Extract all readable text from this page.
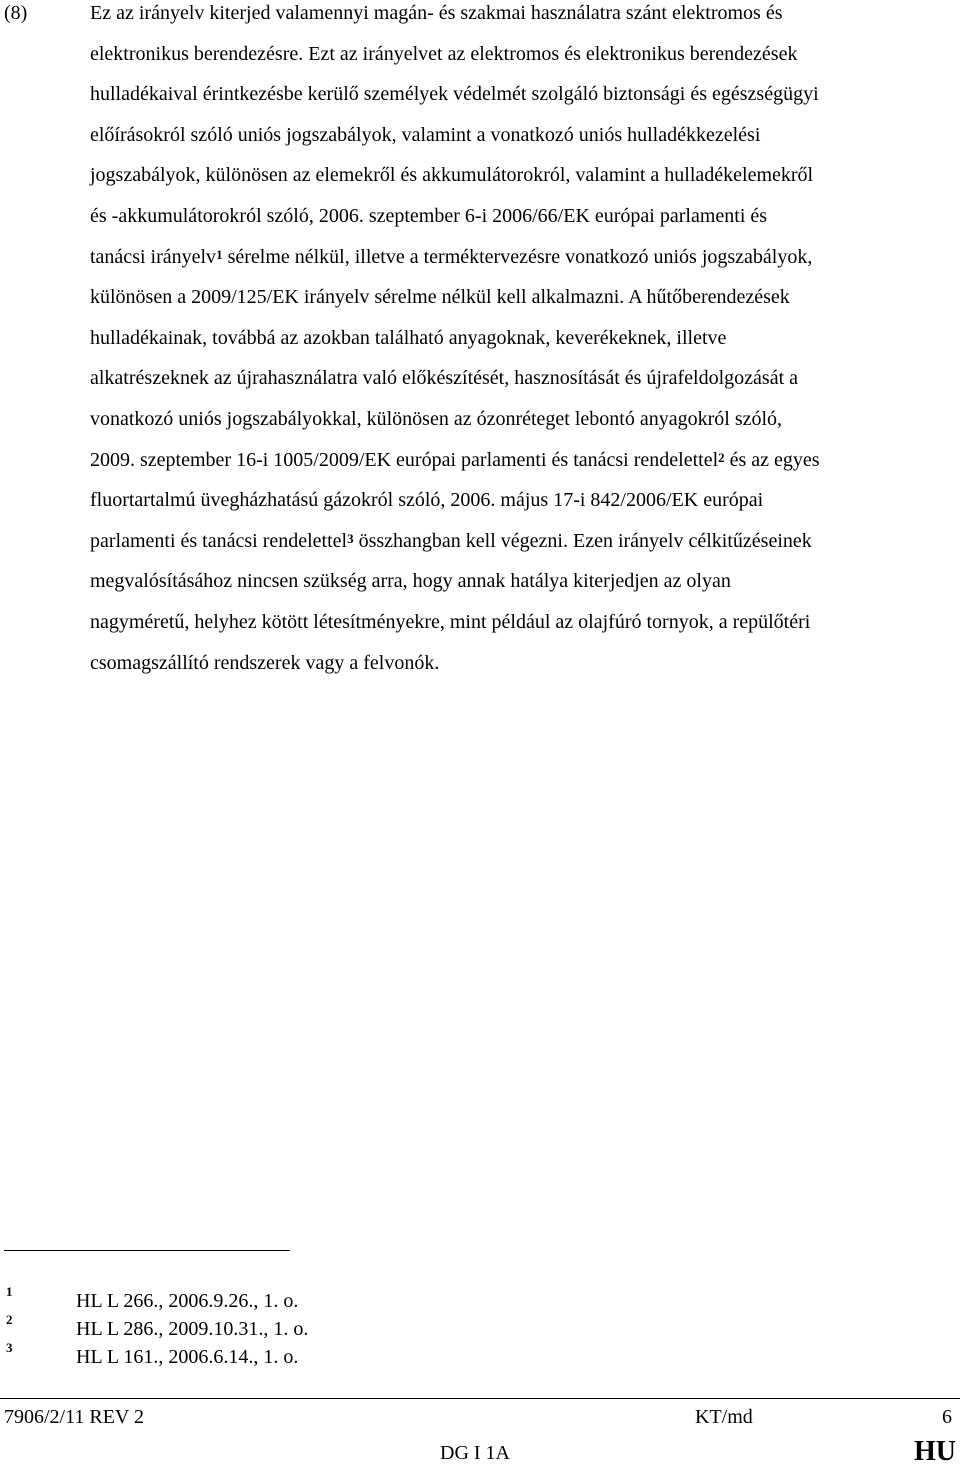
(8)	Ez az irányelv kiterjed valamennyi magán- és szakmai használatra szánt elektromos és
elektronikus berendezésre. Ezt az irányelvet az elektromos és elektronikus berendezések
hulladékaival érintkezésbe kerülő személyek védelmét szolgáló biztonsági és egészségügyi
előírásokról szóló uniós jogszabályok, valamint a vonatkozó uniós hulladékkezelési
jogszabályok, különösen az elemekről és akkumulátorokról, valamint a hulladékelemekről
és -akkumulátorokról szóló, 2006. szeptember 6-i 2006/66/EK európai parlamenti és
tanácsi irányelv$^1$ sérelme nélkül, illetve a terméktervezésre vonatkozó uniós jogszabályok,
különösen a 2009/125/EK irányelv sérelme nélkül kell alkalmazni. A hűtőberendezések
hulladékainak, továbbá az azokban található anyagoknak, keverékeknek, illetve
alkatrészeknek az újrahasználatra való előkészítését, hasznosítását és újrafeldolgozását a
vonatkozó uniós jogszabályokkal, különösen az ózonréteget lebontó anyagokról szóló,
2009. szeptember 16-i 1005/2009/EK európai parlamenti és tanácsi rendelettel$^2$ és az egyes
fluortartalmú üvegházhatású gázokról szóló, 2006. május 17-i 842/2006/EK európai
parlamenti és tanácsi rendelettel$^3$ összhangban kell végezni. Ezen irányelv célkitűzéseinek
megvalósításához nincsen szükség arra, hogy annak hatálya kiterjedjen az olyan
nagyméretű, helyhez kötött létesítményekre, mint például az olajfúró tornyok, a repülőtéri
csomagszállító rendszerek vagy a felvonók.
1	HL L 266., 2006.9.26., 1. o.
2	HL L 286., 2009.10.31., 1. o.
3	HL L 161., 2006.6.14., 1. o.
7906/2/11 REV 2	KT/md	6
DG I 1A	HU
